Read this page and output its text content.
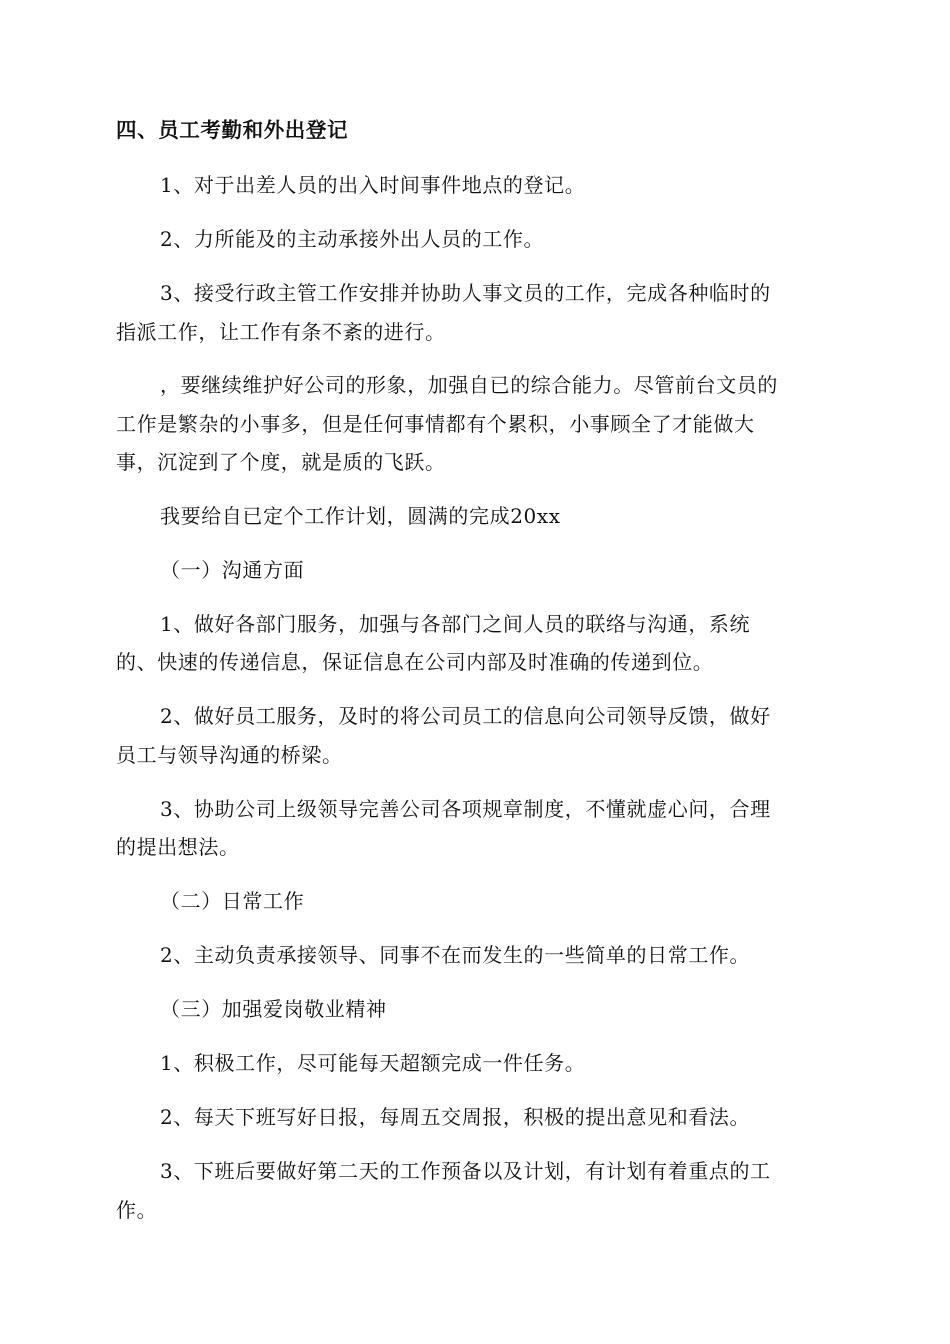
四、员工考勤和外出登记
1、对于出差人员的出入时间事件地点的登记。
2、力所能及的主动承接外出人员的工作。
3、接受行政主管工作安排并协助人事文员的工作，完成各种临时的
指派工作，让工作有条不紊的进行。
，要继续维护好公司的形象，加强自已的综合能力。尽管前台文员的
工作是繁杂的小事多，但是任何事情都有个累积，小事顾全了才能做大
事，沉淀到了个度，就是质的飞跃。
我要给自已定个工作计划，圆满的完成20xx
（一）沟通方面
1、做好各部门服务，加强与各部门之间人员的联络与沟通，系统
的、快速的传递信息，保证信息在公司内部及时准确的传递到位。
2、做好员工服务，及时的将公司员工的信息向公司领导反馈，做好
员工与领导沟通的桥梁。
3、协助公司上级领导完善公司各项规章制度，不懂就虚心问，合理
的提出想法。
（二）日常工作
2、主动负责承接领导、同事不在而发生的一些简单的日常工作。
（三）加强爱岗敬业精神
1、积极工作，尽可能每天超额完成一件任务。
2、每天下班写好日报，每周五交周报，积极的提出意见和看法。
3、下班后要做好第二天的工作预备以及计划，有计划有着重点的工
作。
